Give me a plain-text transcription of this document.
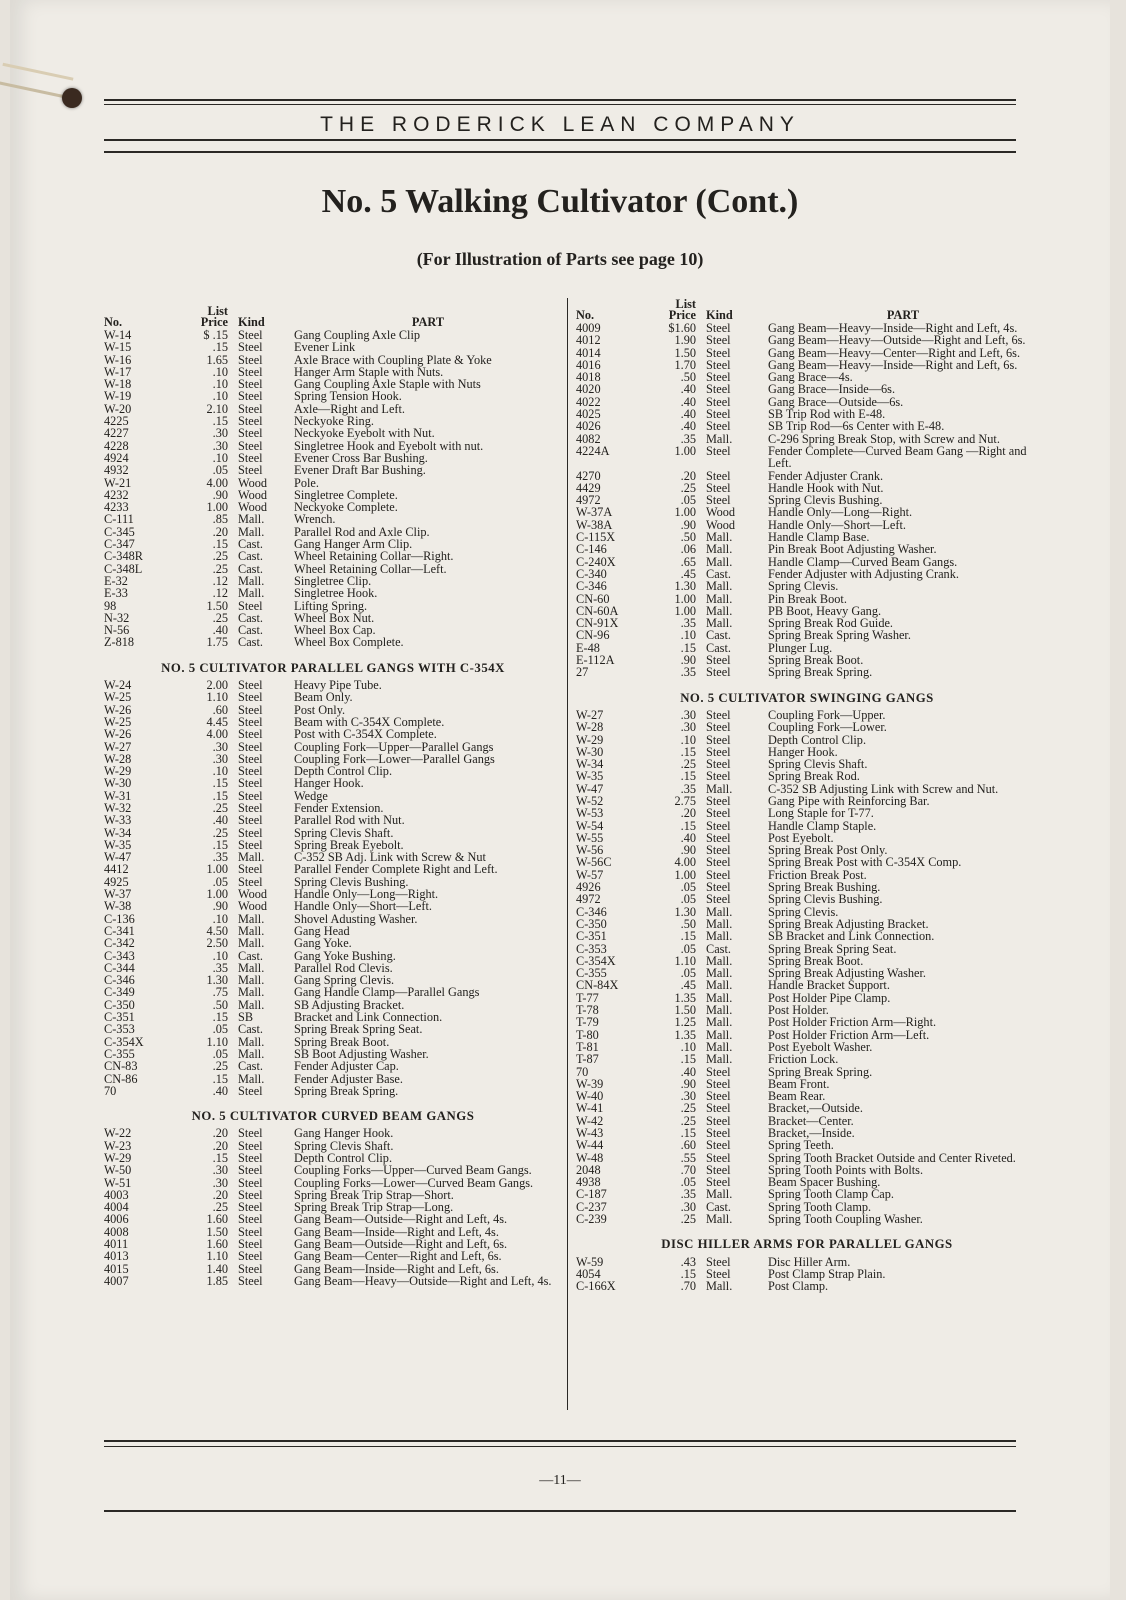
THE RODERICK LEAN COMPANY
No. 5 Walking Cultivator (Cont.)
(For Illustration of Parts see page 10)
No.
List
Price Kind	PART
W-14	$ .15 Steel	Gang Coupling Axle Clip
W-15	.15 Steel	Evener Link
W-16	1.65 Steel	Axle Brace with Coupling Plate & Yoke
W-17	.10 Steel	Hanger Arm Staple with Nuts.
W-18	.10 Steel	Gang Coupling Axle Staple with Nuts
W-19	.10 Steel	Spring Tension Hook.
W-20	2.10 Steel	Axle—Right and Left.
4225	.15 Steel	Neckyoke Ring.
4227	.30 Steel	Neckyoke Eyebolt with Nut.
4228	.30 Steel	Singletree Hook and Eyebolt with nut.
4924	.10 Steel	Evener Cross Bar Bushing.
4932	.05 Steel	Evener Draft Bar Bushing.
W-21	4.00 Wood	Pole.
4232	.90 Wood	Singletree Complete.
4233	1.00 Wood	Neckyoke Complete.
C-111	.85 Mall.	Wrench.
C-345	.20 Mall.	Parallel Rod and Axle Clip.
C-347	.15 Cast.	Gang Hanger Arm Clip.
C-348R	.25 Cast.	Wheel Retaining Collar—Right.
C-348L	.25 Cast.	Wheel Retaining Collar—Left.
E-32	.12 Mall.	Singletree Clip.
E-33	.12 Mall.	Singletree Hook.
98	1.50 Steel	Lifting Spring.
N-32	.25 Cast.	Wheel Box Nut.
N-56	.40 Cast.	Wheel Box Cap.
Z-818	1.75 Cast.	Wheel Box Complete.
NO. 5 CULTIVATOR PARALLEL GANGS WITH C-354X
W-24	2.00 Steel	Heavy Pipe Tube.
W-25	1.10 Steel	Beam Only.
W-26	.60 Steel	Post Only.
W-25	4.45 Steel	Beam with C-354X Complete.
W-26	4.00 Steel	Post with C-354X Complete.
W-27	.30 Steel	Coupling Fork—Upper—Parallel Gangs
W-28	.30 Steel	Coupling Fork—Lower—Parallel Gangs
W-29	.10 Steel	Depth Control Clip.
W-30	.15 Steel	Hanger Hook.
W-31	.15 Steel	Wedge
W-32	.25 Steel	Fender Extension.
W-33	.40 Steel	Parallel Rod with Nut.
W-34	.25 Steel	Spring Clevis Shaft.
W-35	.15 Steel	Spring Break Eyebolt.
W-47	.35 Mall.	C-352 SB Adj. Link with Screw & Nut
4412	1.00 Steel	Parallel Fender Complete Right and Left.
4925	.05 Steel	Spring Clevis Bushing.
W-37	1.00 Wood	Handle Only—Long—Right.
W-38	.90 Wood	Handle Only—Short—Left.
C-136	.10 Mall.	Shovel Adusting Washer.
C-341	4.50 Mall.	Gang Head
C-342	2.50 Mall.	Gang Yoke.
C-343	.10 Cast.	Gang Yoke Bushing.
C-344	.35 Mall.	Parallel Rod Clevis.
C-346	1.30 Mall.	Gang Spring Clevis.
C-349	.75 Mall.	Gang Handle Clamp—Parallel Gangs
C-350	.50 Mall.	SB Adjusting Bracket.
C-351	.15 SB	Bracket and Link Connection.
C-353	.05 Cast.	Spring Break Spring Seat.
C-354X	1.10 Mall.	Spring Break Boot.
C-355	.05 Mall.	SB Boot Adjusting Washer.
CN-83	.25 Cast.	Fender Adjuster Cap.
CN-86	.15 Mall.	Fender Adjuster Base.
70	.40 Steel	Spring Break Spring.
NO. 5 CULTIVATOR CURVED BEAM GANGS
W-22	.20 Steel	Gang Hanger Hook.
W-23	.20 Steel	Spring Clevis Shaft.
W-29	.15 Steel	Depth Control Clip.
W-50	.30 Steel	Coupling Forks—Upper—Curved Beam Gangs.
W-51	.30 Steel	Coupling Forks—Lower—Curved Beam Gangs.
4003	.20 Steel	Spring Break Trip Strap—Short.
4004	.25 Steel	Spring Break Trip Strap—Long.
4006	1.60 Steel	Gang Beam—Outside—Right and Left, 4s.
4008	1.50 Steel	Gang Beam—Inside—Right and Left, 4s.
4011	1.60 Steel	Gang Beam—Outside—Right and Left, 6s.
4013	1.10 Steel	Gang Beam—Center—Right and Left, 6s.
4015	1.40 Steel	Gang Beam—Inside—Right and Left, 6s.
4007	1.85 Steel	Gang Beam—Heavy—Outside—Right and Left, 4s.
No.
List
Price Kind	PART
4009	$1.60 Steel	Gang Beam—Heavy—Inside—Right and Left, 4s.
4012	1.90 Steel	Gang Beam—Heavy—Outside—Right and Left, 6s.
4014	1.50 Steel	Gang Beam—Heavy—Center—Right and Left, 6s.
4016	1.70 Steel	Gang Beam—Heavy—Inside—Right and Left, 6s.
4018	.50 Steel	Gang Brace—4s.
4020	.40 Steel	Gang Brace—Inside—6s.
4022	.40 Steel	Gang Brace—Outside—6s.
4025	.40 Steel	SB Trip Rod with E-48.
4026	.40 Steel	SB Trip Rod—6s Center with E-48.
4082	.35 Mall.	C-296 Spring Break Stop, with Screw and Nut.
4224A	1.00 Steel	Fender Complete—Curved Beam Gang —Right and Left.
4270	.20 Steel	Fender Adjuster Crank.
4429	.25 Steel	Handle Hook with Nut.
4972	.05 Steel	Spring Clevis Bushing.
W-37A	1.00 Wood	Handle Only—Long—Right.
W-38A	.90 Wood	Handle Only—Short—Left.
C-115X	.50 Mall.	Handle Clamp Base.
C-146	.06 Mall.	Pin Break Boot Adjusting Washer.
C-240X	.65 Mall.	Handle Clamp—Curved Beam Gangs.
C-340	.45 Cast.	Fender Adjuster with Adjusting Crank.
C-346	1.30 Mall.	Spring Clevis.
CN-60	1.00 Mall.	Pin Break Boot.
CN-60A	1.00 Mall.	PB Boot, Heavy Gang.
CN-91X	.35 Mall.	Spring Break Rod Guide.
CN-96	.10 Cast.	Spring Break Spring Washer.
E-48	.15 Cast.	Plunger Lug.
E-112A	.90 Steel	Spring Break Boot.
27	.35 Steel	Spring Break Spring.
NO. 5 CULTIVATOR SWINGING GANGS
W-27	.30 Steel	Coupling Fork—Upper.
W-28	.30 Steel	Coupling Fork—Lower.
W-29	.10 Steel	Depth Control Clip.
W-30	.15 Steel	Hanger Hook.
W-34	.25 Steel	Spring Clevis Shaft.
W-35	.15 Steel	Spring Break Rod.
W-47	.35 Mall.	C-352 SB Adjusting Link with Screw and Nut.
W-52	2.75 Steel	Gang Pipe with Reinforcing Bar.
W-53	.20 Steel	Long Staple for T-77.
W-54	.15 Steel	Handle Clamp Staple.
W-55	.40 Steel	Post Eyebolt.
W-56	.90 Steel	Spring Break Post Only.
W-56C	4.00 Steel	Spring Break Post with C-354X Comp.
W-57	1.00 Steel	Friction Break Post.
4926	.05 Steel	Spring Break Bushing.
4972	.05 Steel	Spring Clevis Bushing.
C-346	1.30 Mall.	Spring Clevis.
C-350	.50 Mall.	Spring Break Adjusting Bracket.
C-351	.15 Mall.	SB Bracket and Link Connection.
C-353	.05 Cast.	Spring Break Spring Seat.
C-354X	1.10 Mall.	Spring Break Boot.
C-355	.05 Mall.	Spring Break Adjusting Washer.
CN-84X	.45 Mall.	Handle Bracket Support.
T-77	1.35 Mall.	Post Holder Pipe Clamp.
T-78	1.50 Mall.	Post Holder.
T-79	1.25 Mall.	Post Holder Friction Arm—Right.
T-80	1.35 Mall.	Post Holder Friction Arm—Left.
T-81	.10 Mall.	Post Eyebolt Washer.
T-87	.15 Mall.	Friction Lock.
70	.40 Steel	Spring Break Spring.
W-39	.90 Steel	Beam Front.
W-40	.30 Steel	Beam Rear.
W-41	.25 Steel	Bracket,—Outside.
W-42	.25 Steel	Bracket—Center.
W-43	.15 Steel	Bracket,—Inside.
W-44	.60 Steel	Spring Teeth.
W-48	.55 Steel	Spring Tooth Bracket Outside and Center Riveted.
2048	.70 Steel	Spring Tooth Points with Bolts.
4938	.05 Steel	Beam Spacer Bushing.
C-187	.35 Mall.	Spring Tooth Clamp Cap.
C-237	.30 Cast.	Spring Tooth Clamp.
C-239	.25 Mall.	Spring Tooth Coupling Washer.
DISC HILLER ARMS FOR PARALLEL GANGS
W-59	.43 Steel	Disc Hiller Arm.
4054	.15 Steel	Post Clamp Strap Plain.
C-166X	.70 Mall.	Post Clamp.
—11—
